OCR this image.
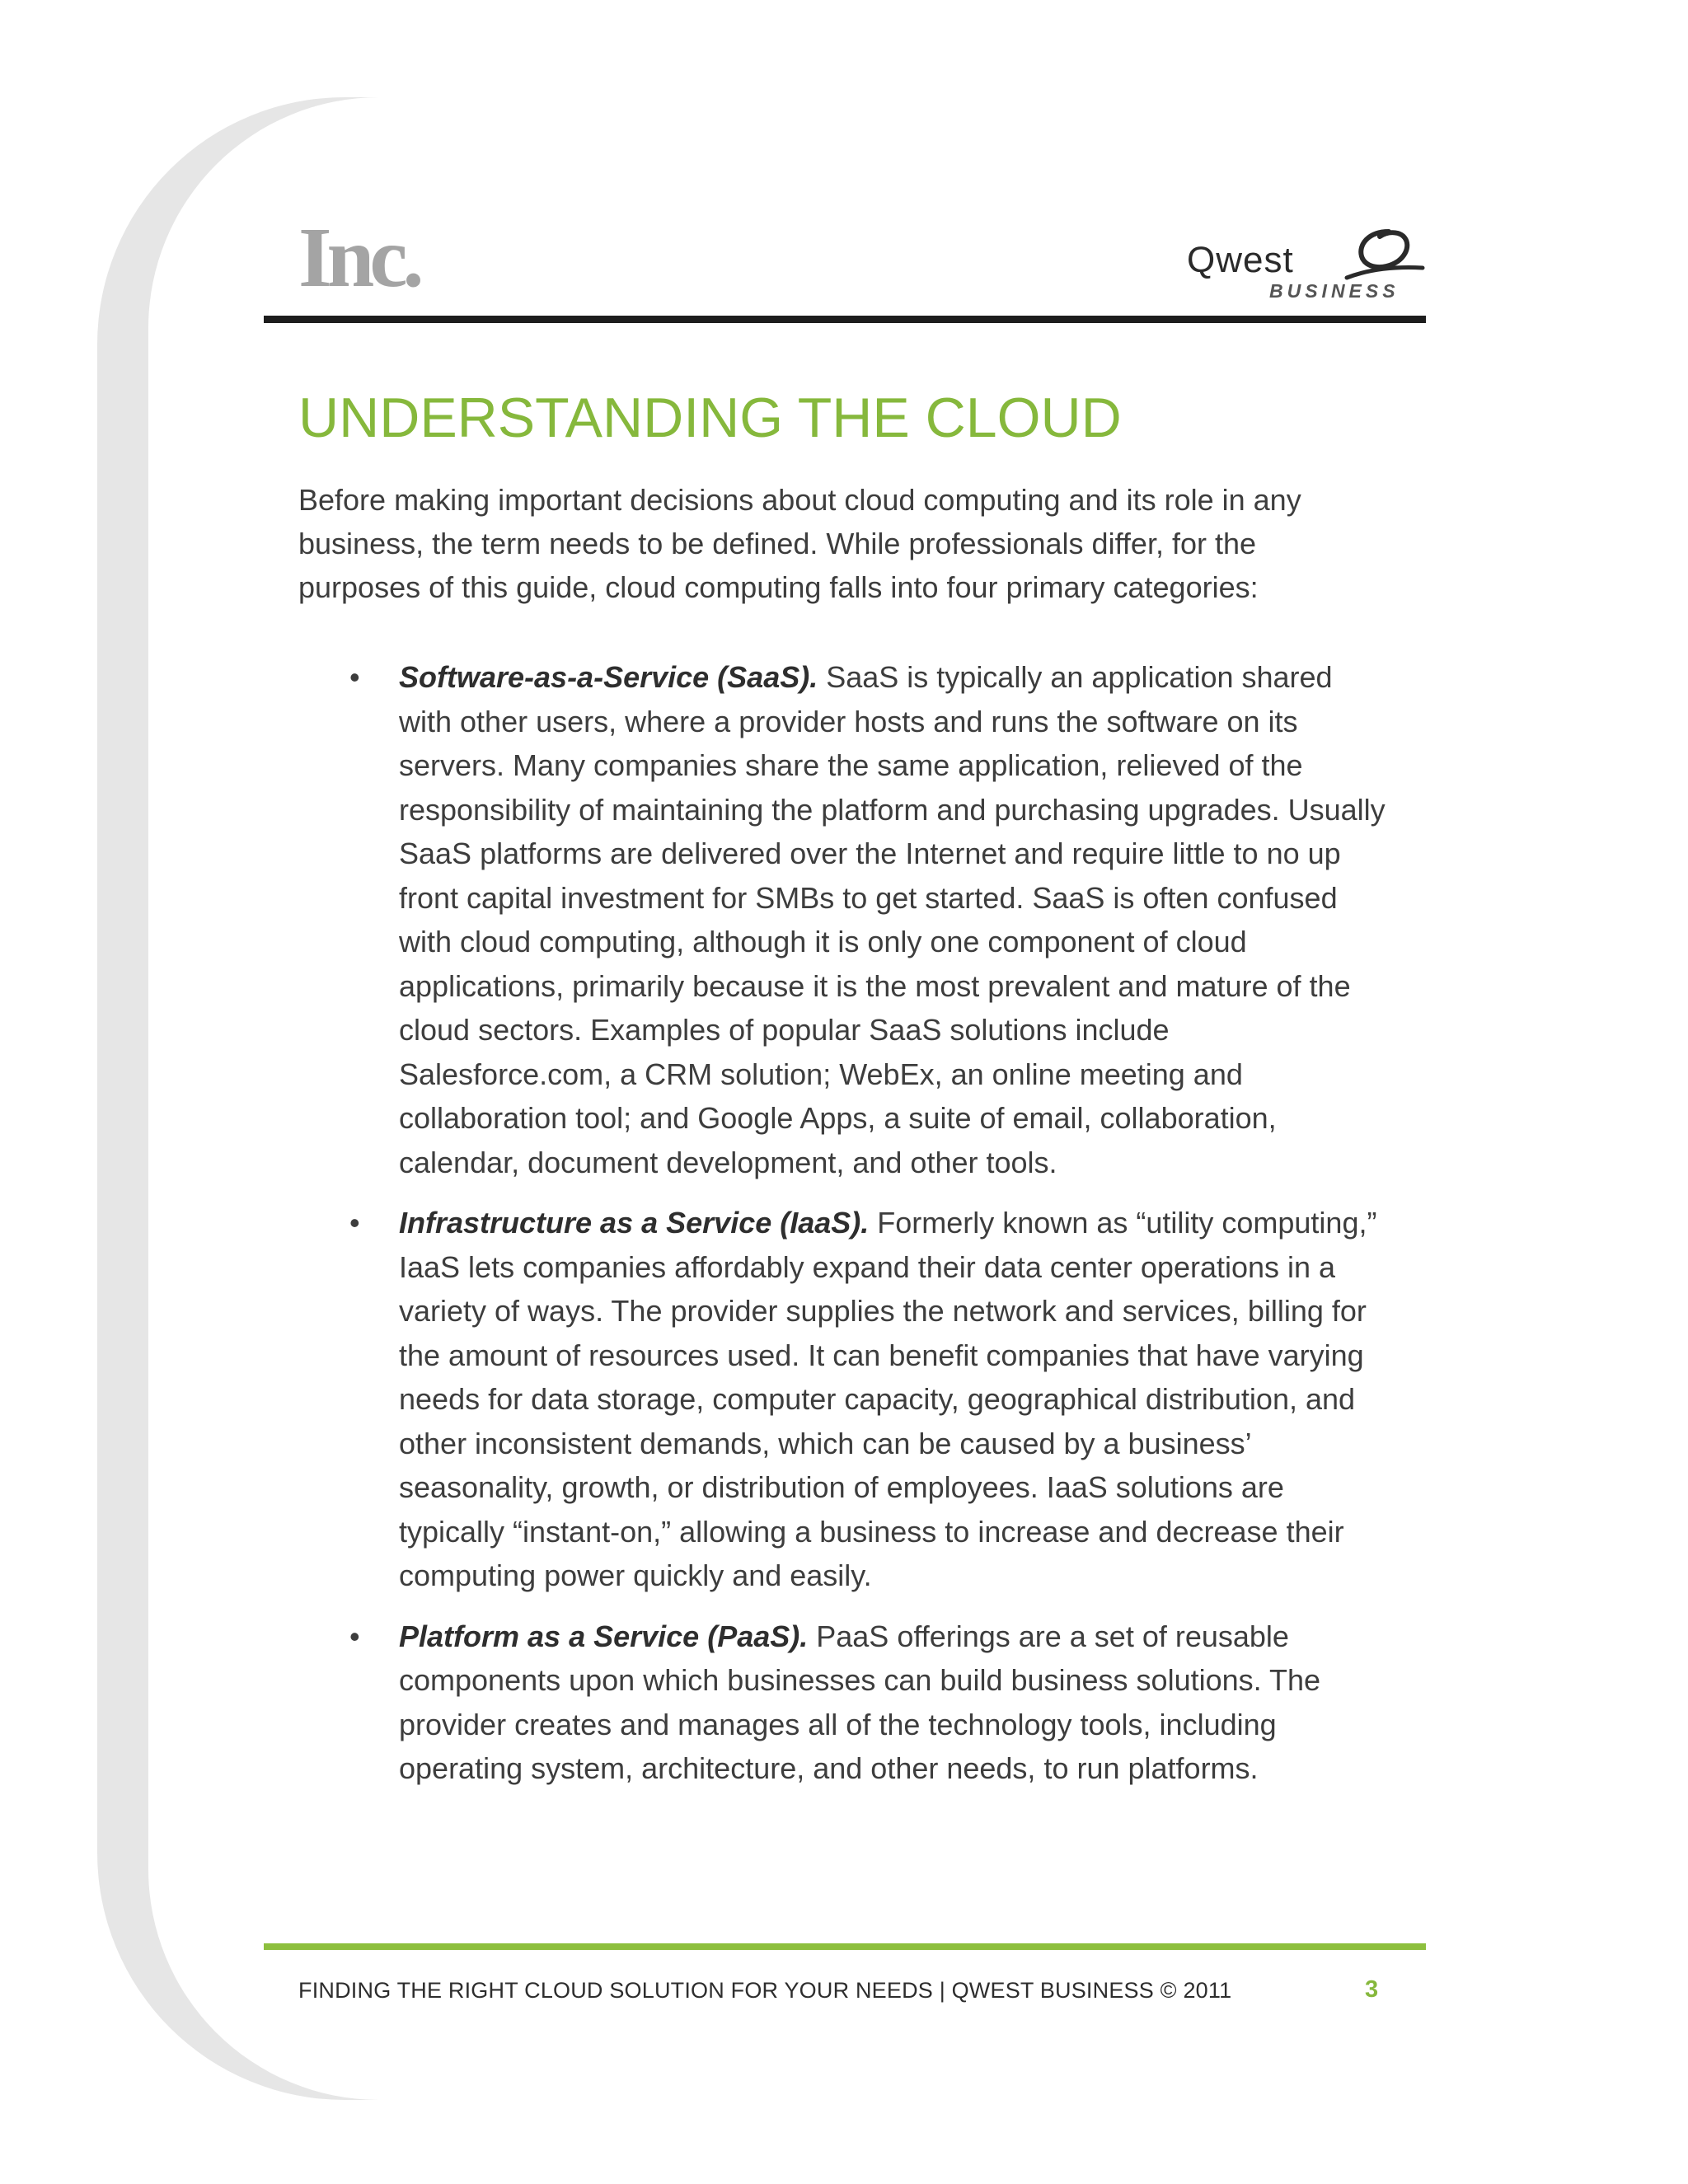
Inc.	Qwest
BUSINESS
UNDERSTANDING THE CLOUD

Before making important decisions about cloud computing and its role in any business, the term needs to be defined. While professionals differ, for the purposes of this guide, cloud computing falls into four primary categories:

• Software-as-a-Service (SaaS). SaaS is typically an application shared with other users, where a provider hosts and runs the software on its servers. Many companies share the same application, relieved of the responsibility of maintaining the platform and purchasing upgrades. Usually SaaS platforms are delivered over the Internet and require little to no up front capital investment for SMBs to get started. SaaS is often confused with cloud computing, although it is only one component of cloud applications, primarily because it is the most prevalent and mature of the cloud sectors. Examples of popular SaaS solutions include Salesforce.com, a CRM solution; WebEx, an online meeting and collaboration tool; and Google Apps, a suite of email, collaboration, calendar, document development, and other tools.
• Infrastructure as a Service (IaaS). Formerly known as “utility computing,” IaaS lets companies affordably expand their data center operations in a variety of ways. The provider supplies the network and services, billing for the amount of resources used. It can benefit companies that have varying needs for data storage, computer capacity, geographical distribution, and other inconsistent demands, which can be caused by a business’ seasonality, growth, or distribution of employees. IaaS solutions are typically “instant-on,” allowing a business to increase and decrease their computing power quickly and easily.
• Platform as a Service (PaaS). PaaS offerings are a set of reusable components upon which businesses can build business solutions. The provider creates and manages all of the technology tools, including operating system, architecture, and other needs, to run platforms.
FINDING THE RIGHT CLOUD SOLUTION FOR YOUR NEEDS | QWEST BUSINESS © 2011	3
